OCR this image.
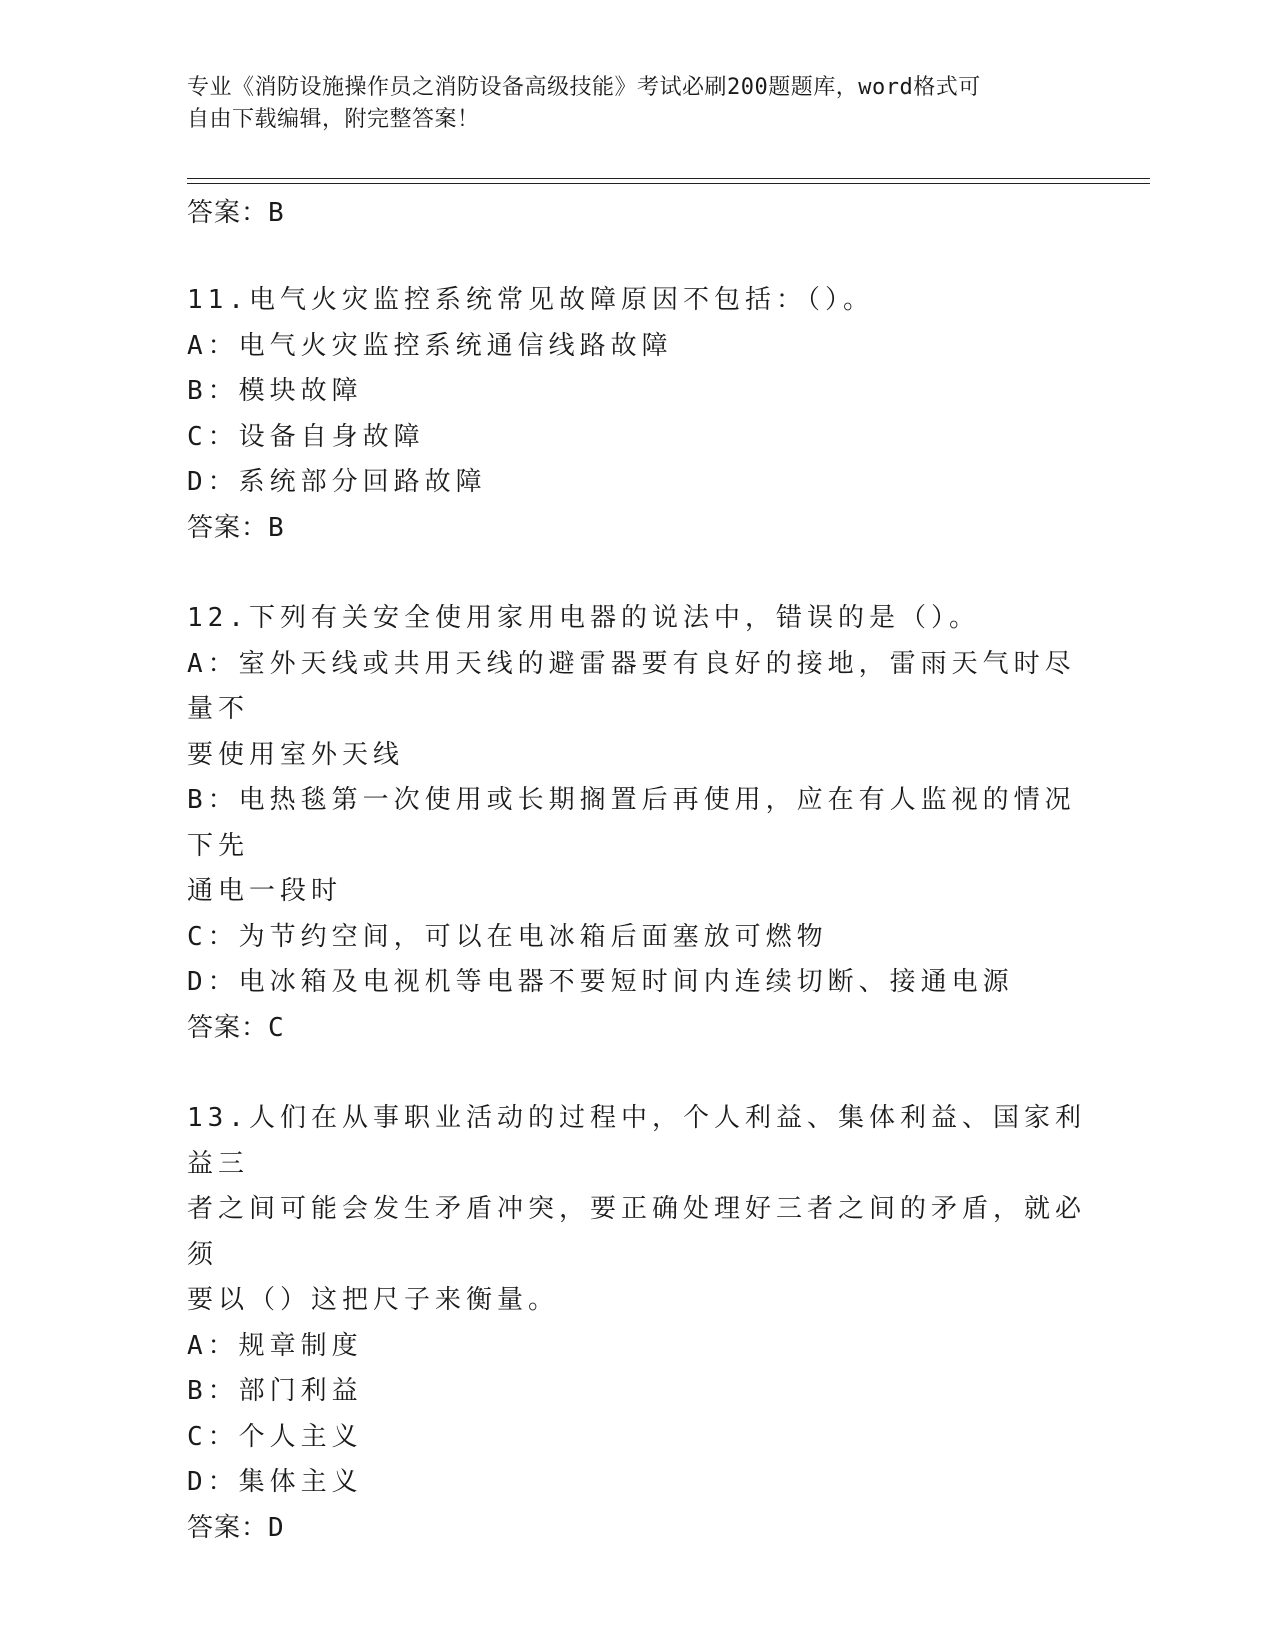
专业《消防设施操作员之消防设备高级技能》考试必刷200题题库，word格式可
自由下载编辑，附完整答案！
答案：B
11.电气火灾监控系统常见故障原因不包括：（）。
A：电气火灾监控系统通信线路故障
B：模块故障
C：设备自身故障
D：系统部分回路故障
答案：B
12.下列有关安全使用家用电器的说法中，错误的是（）。
A：室外天线或共用天线的避雷器要有良好的接地，雷雨天气时尽量不
要使用室外天线
B：电热毯第一次使用或长期搁置后再使用，应在有人监视的情况下先
通电一段时
C：为节约空间，可以在电冰箱后面塞放可燃物
D：电冰箱及电视机等电器不要短时间内连续切断、接通电源
答案：C
13.人们在从事职业活动的过程中，个人利益、集体利益、国家利益三
者之间可能会发生矛盾冲突，要正确处理好三者之间的矛盾，就必须
要以（）这把尺子来衡量。
A：规章制度
B：部门利益
C：个人主义
D：集体主义
答案：D
